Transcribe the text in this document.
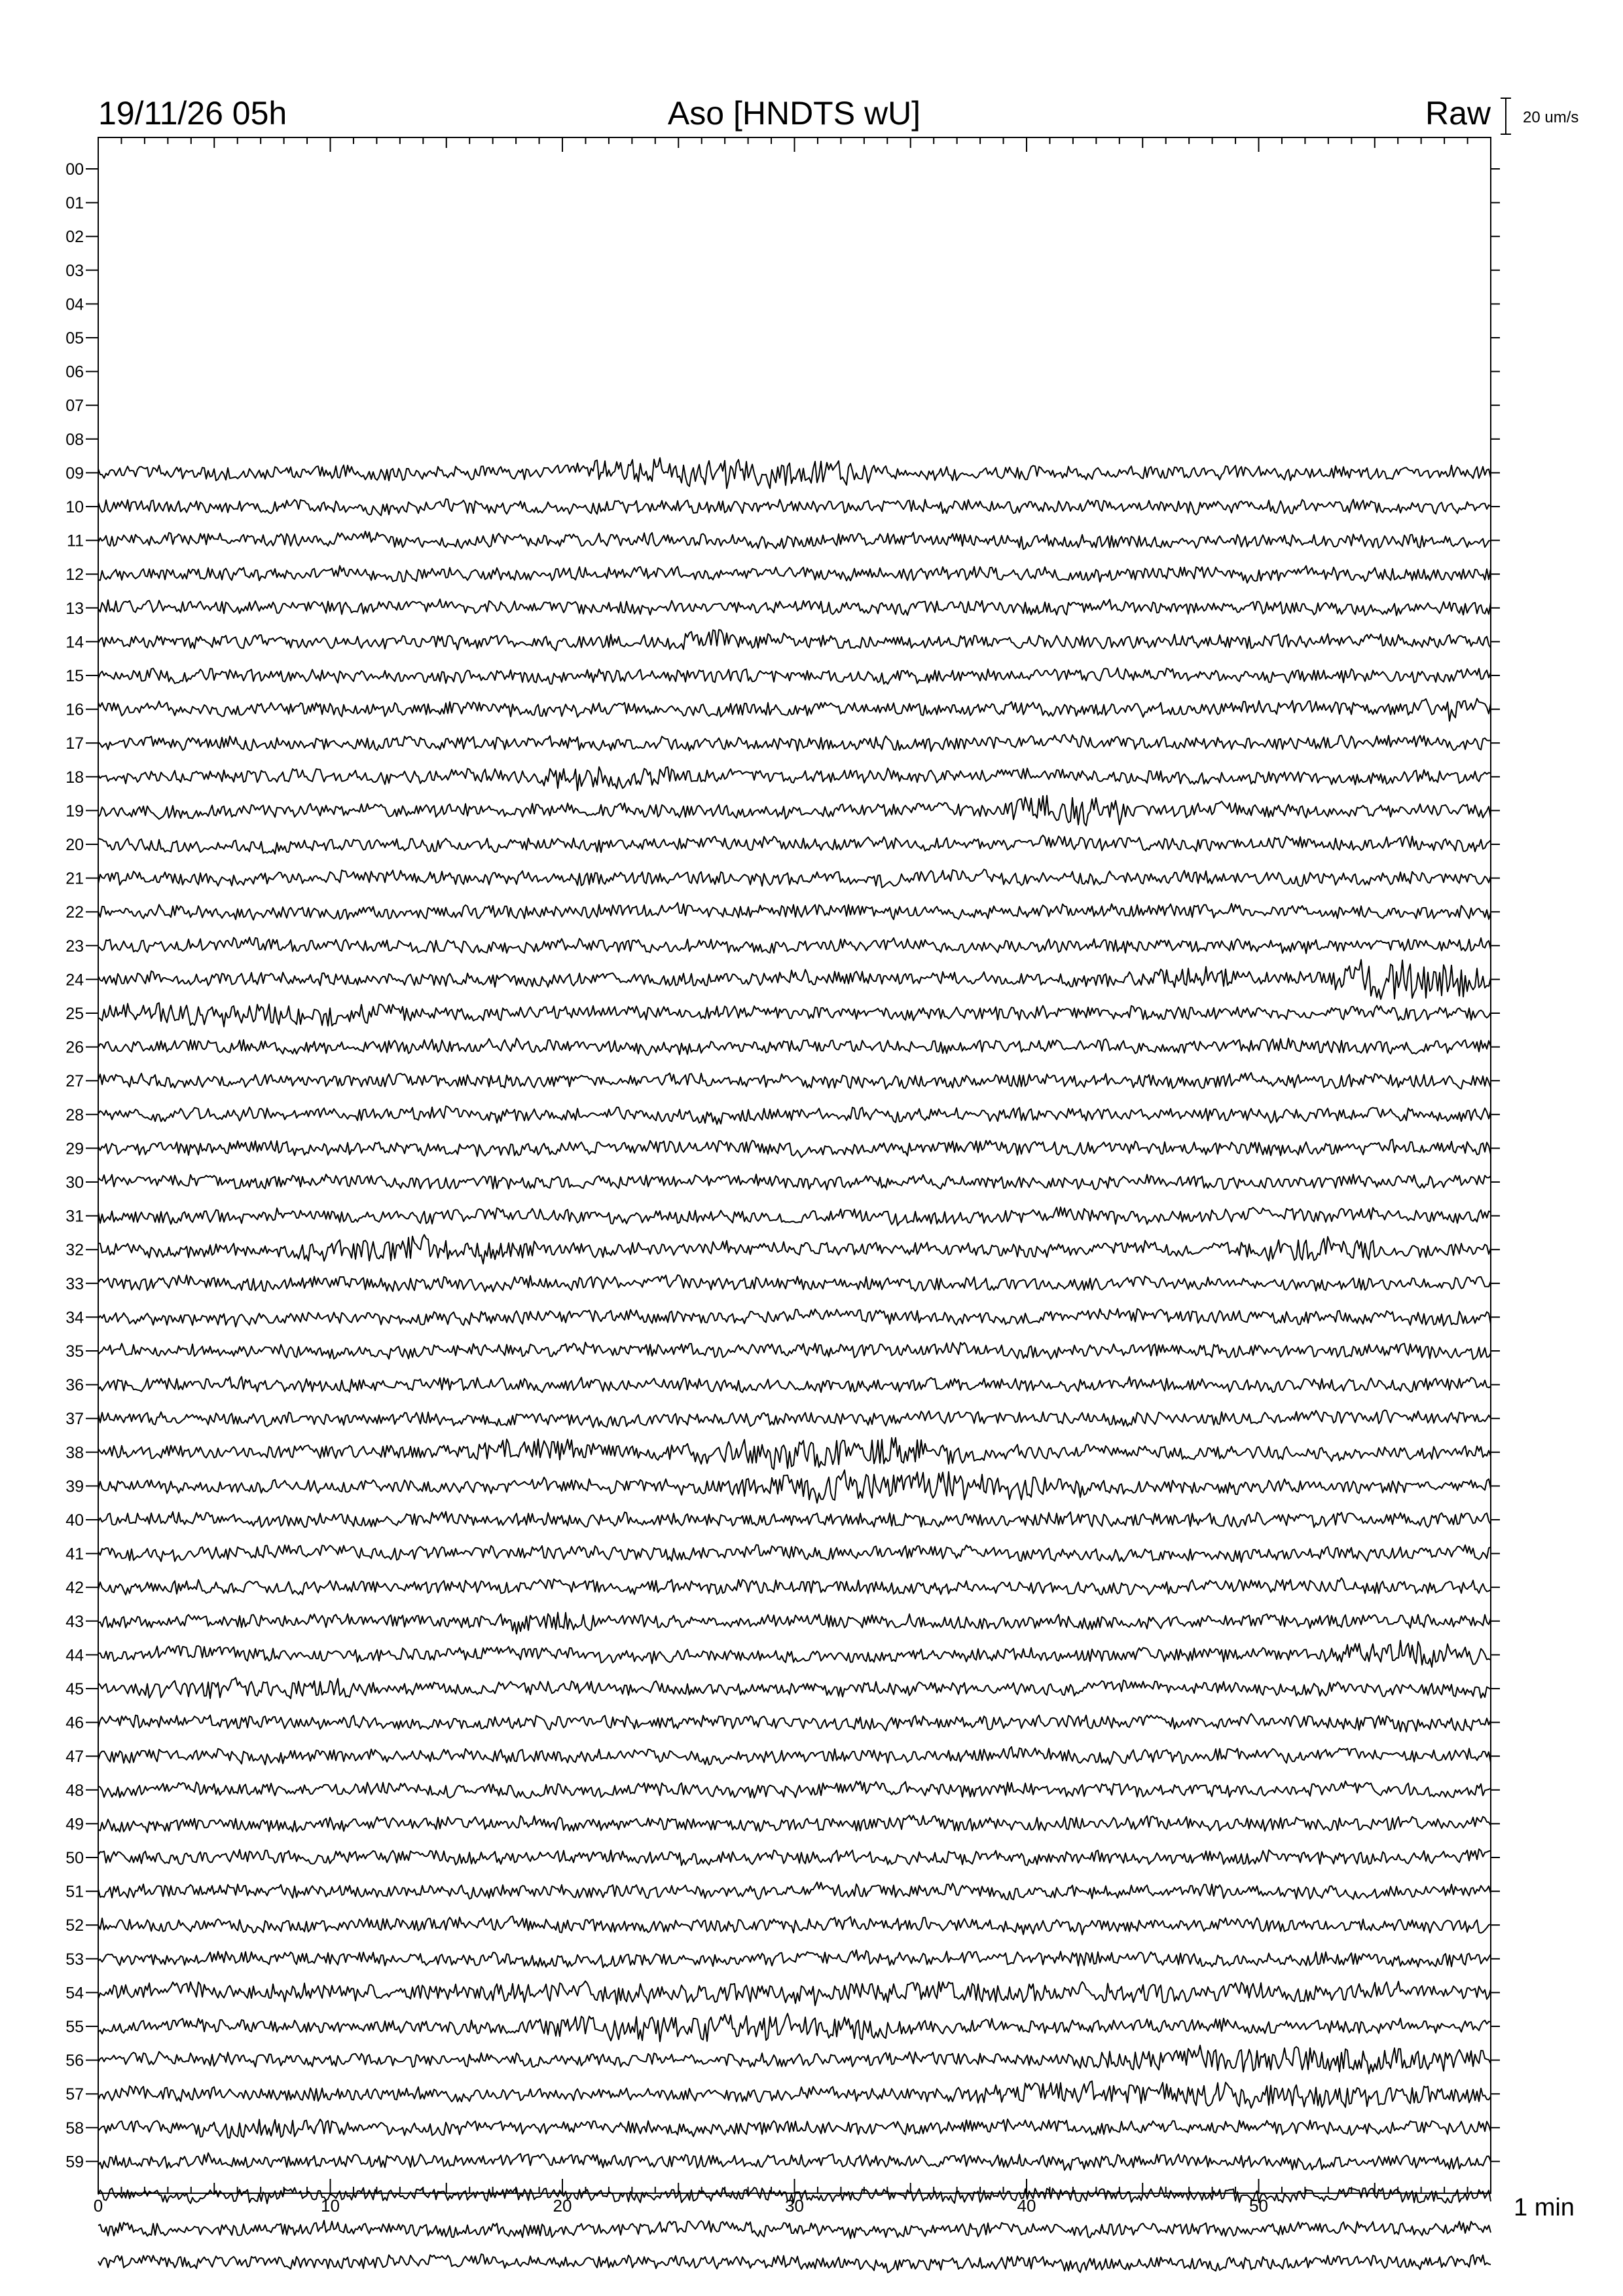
19/11/26 05h	Aso [HNDTS wU]	Raw 20 um/s
00
01
02
03
04
05
06
07
08
09
10
11
12
13
14
15
16
17
18
19
20
21
22
23
24
25
26
27
28
29
30
31
32
33
34
35
36
37
38
39
40
41
42
43
44
45
46
47
48
49
50
51
52
53
54
55
56
57
58
59
0	10	20	30	40	50	1 min
